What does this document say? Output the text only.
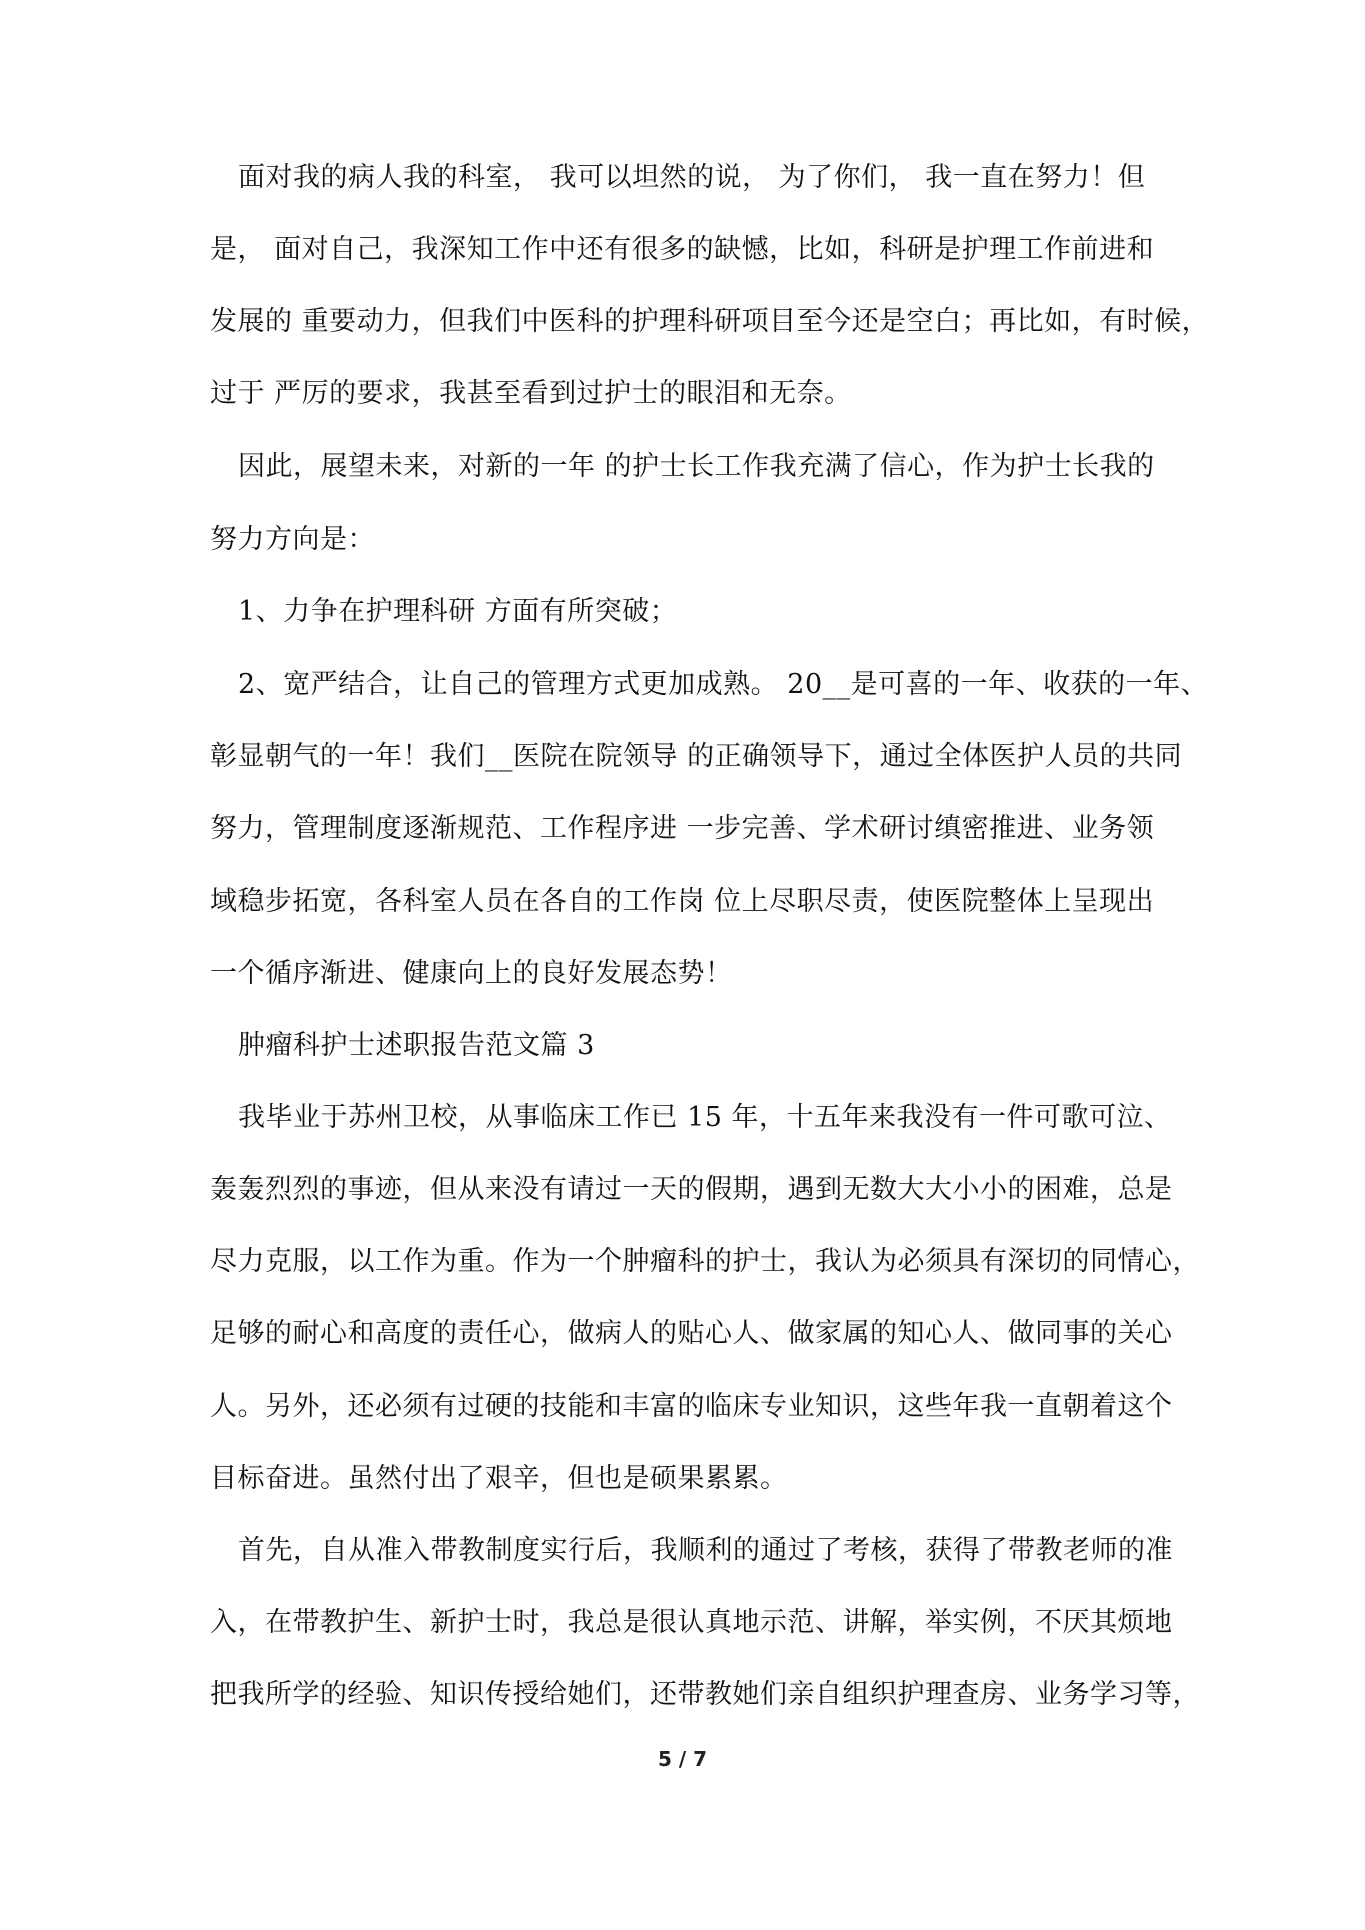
面对我的病人我的科室， 我可以坦然的说， 为了你们， 我一直在努力！但
是， 面对自己，我深知工作中还有很多的缺憾，比如，科研是护理工作前进和
发展的 重要动力，但我们中医科的护理科研项目至今还是空白；再比如，有时候，
过于 严厉的要求，我甚至看到过护士的眼泪和无奈。
因此，展望未来，对新的一年 的护士长工作我充满了信心，作为护士长我的
努力方向是：
1、力争在护理科研 方面有所突破；
2、宽严结合，让自己的管理方式更加成熟。 20__是可喜的一年、收获的一年、
彰显朝气的一年！我们__医院在院领导 的正确领导下，通过全体医护人员的共同
努力，管理制度逐渐规范、工作程序进 一步完善、学术研讨缜密推进、业务领
域稳步拓宽，各科室人员在各自的工作岗 位上尽职尽责，使医院整体上呈现出
一个循序渐进、健康向上的良好发展态势！
肿瘤科护士述职报告范文篇 3
我毕业于苏州卫校，从事临床工作已 15 年，十五年来我没有一件可歌可泣、
轰轰烈烈的事迹，但从来没有请过一天的假期，遇到无数大大小小的困难，总是
尽力克服，以工作为重。作为一个肿瘤科的护士，我认为必须具有深切的同情心，
足够的耐心和高度的责任心，做病人的贴心人、做家属的知心人、做同事的关心
人。另外，还必须有过硬的技能和丰富的临床专业知识，这些年我一直朝着这个
目标奋进。虽然付出了艰辛，但也是硕果累累。
首先，自从准入带教制度实行后，我顺利的通过了考核，获得了带教老师的准
入，在带教护生、新护士时，我总是很认真地示范、讲解，举实例，不厌其烦地
把我所学的经验、知识传授给她们，还带教她们亲自组织护理查房、业务学习等，
5 / 7
